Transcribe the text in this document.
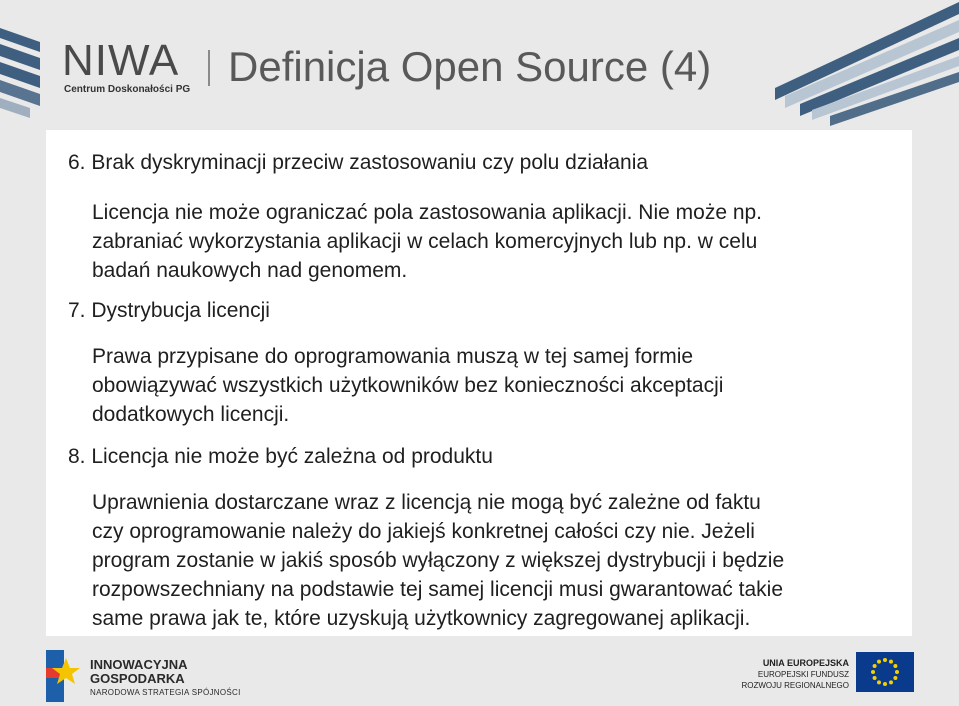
NIWA
Centrum Doskonałości PG Definicja Open Source (4)
6. Brak dyskryminacji przeciw zastosowaniu czy polu działania
Licencja nie może ograniczać pola zastosowania aplikacji. Nie może np.
zabraniać wykorzystania aplikacji w celach komercyjnych lub np. w celu
badań naukowych nad genomem.
7. Dystrybucja licencji
Prawa przypisane do oprogramowania muszą w tej samej formie
obowiązywać wszystkich użytkowników bez konieczności akceptacji
dodatkowych licencji.
8. Licencja nie może być zależna od produktu
Uprawnienia dostarczane wraz z licencją nie mogą być zależne od faktu
czy oprogramowanie należy do jakiejś konkretnej całości czy nie. Jeżeli
program zostanie w jakiś sposób wyłączony z większej dystrybucji i będzie
rozpowszechniany na podstawie tej samej licencji musi gwarantować takie
same prawa jak te, które uzyskują użytkownicy zagregowanej aplikacji.
INNOWACYJNA
GOSPODARKA
NARODOWA STRATEGIA SPÓJNOŚCI
UNIA EUROPEJSKA
EUROPEJSKI FUNDUSZ
ROZWOJU REGIONALNEGO
